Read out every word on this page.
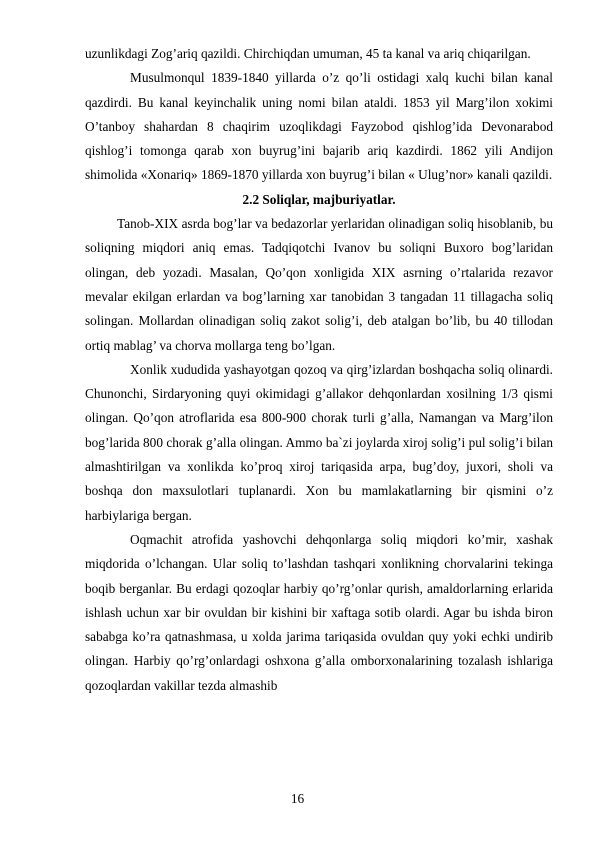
uzunlikdagi Zog’ariq qazildi. Chirchiqdan umuman, 45 ta kanal va ariq chiqarilgan.

Musulmonqul 1839-1840 yillarda o’z qo’li ostidagi xalq kuchi bilan kanal qazdirdi. Bu kanal keyinchalik uning nomi bilan ataldi. 1853 yil Marg’ilon xokimi O’tanboy shahardan 8 chaqirim uzoqlikdagi Fayzobod qishlog’ida Devonarabod qishlog’i tomonga qarab xon buyrug’ini bajarib ariq kazdirdi. 1862 yili Andijon shimolida «Xonariq» 1869-1870 yillarda xon buyrug’i bilan « Ulug’nor» kanali qazildi.

2.2 Soliqlar, majburiyatlar.

Tanob-XIX asrda bog’lar va bedazorlar yerlaridan olinadigan soliq hisoblanib, bu soliqning miqdori aniq emas. Tadqiqotchi Ivanov bu soliqni Buxoro bog’laridan olingan, deb yozadi. Masalan, Qo’qon xonligida XIX asrning o’rtalarida rezavor mevalar ekilgan erlardan va bog’larning xar tanobidan 3 tangadan 11 tillagacha soliq solingan. Mollardan olinadigan soliq zakot solig’i, deb atalgan bo’lib, bu 40 tillodan ortiq mablag’ va chorva mollarga teng bo’lgan.

Xonlik xududida yashayotgan qozoq va qirg’izlardan boshqacha soliq olinardi. Chunonchi, Sirdaryoning quyi okimidagi g’allakor dehqonlardan xosilning 1/3 qismi olingan. Qo’qon atroflarida esa 800-900 chorak turli g’alla, Namangan va Marg’ilon bog’larida 800 chorak g’alla olingan. Ammo ba`zi joylarda xiroj solig’i pul solig’i bilan almashtirilgan va xonlikda ko’proq xiroj tariqasida arpa, bug’doy, juxori, sholi va boshqa don maxsulotlari tuplanardi. Xon bu mamlakatlarning bir qismini o’z harbiylariga bergan.

Oqmachit atrofida yashovchi dehqonlarga soliq miqdori ko’mir, xashak miqdorida o’lchangan. Ular soliq to’lashdan tashqari xonlikning chorvalarini tekinga boqib berganlar. Bu erdagi qozoqlar harbiy qo’rg’onlar qurish, amaldorlarning erlarida ishlash uchun xar bir ovuldan bir kishini bir xaftaga sotib olardi. Agar bu ishda biron sababga ko’ra qatnashmasa, u xolda jarima tariqasida ovuldan quy yoki echki undirib olingan. Harbiy qo’rg’onlardagi oshxona g’alla omborxonalarining tozalash ishlariga qozoqlardan vakillar tezda almashib

16
